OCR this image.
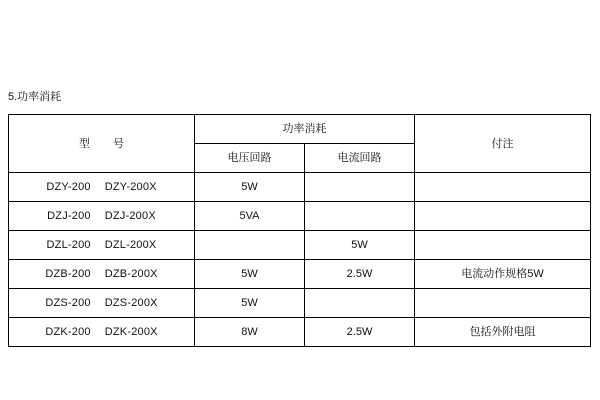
5.功率消耗
型　号	功率消耗		付注
	电压回路	电流回路	

DZY-200 DZY-200X	5W		

DZJ-200 DZJ-200X	5VA		

DZL-200 DZL-200X		5W	

DZB-200 DZB-200X	5W	2.5W	电流动作规格5W

DZS-200 DZS-200X	5W		

DZK-200 DZK-200X	8W	2.5W	包括外附电阻
